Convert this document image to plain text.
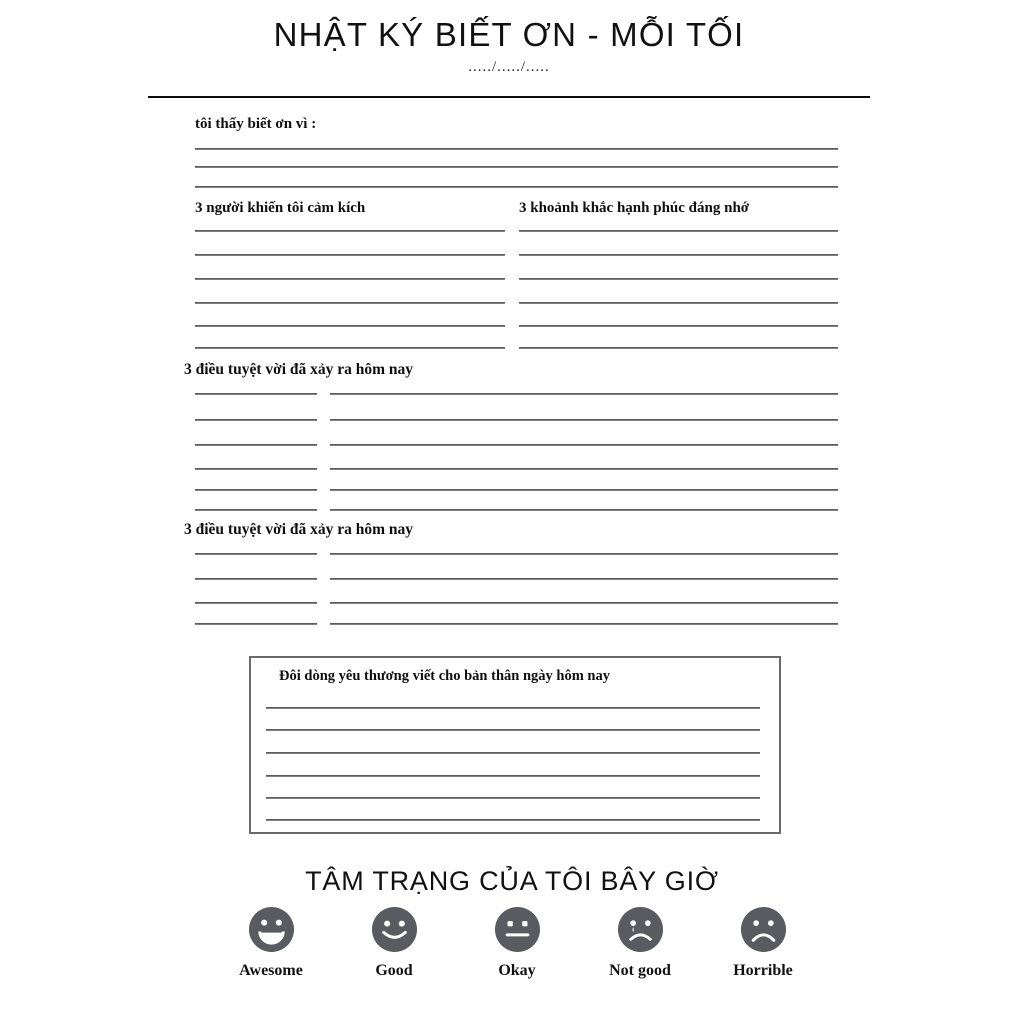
NHẬT KÝ BIẾT ƠN - MỖI TỐI
...../...../.....
tôi thấy biết ơn vì :
3 người khiến tôi cảm kích	3 khoảnh khắc hạnh phúc đáng nhớ
3 điều tuyệt vời đã xảy ra hôm nay
3 điều tuyệt vời đã xảy ra hôm nay
Đôi dòng yêu thương viết cho bản thân ngày hôm nay
TÂM TRẠNG CỦA TÔI BÂY GIỜ
Awesome	Good	Okay	Not good	Horrible
